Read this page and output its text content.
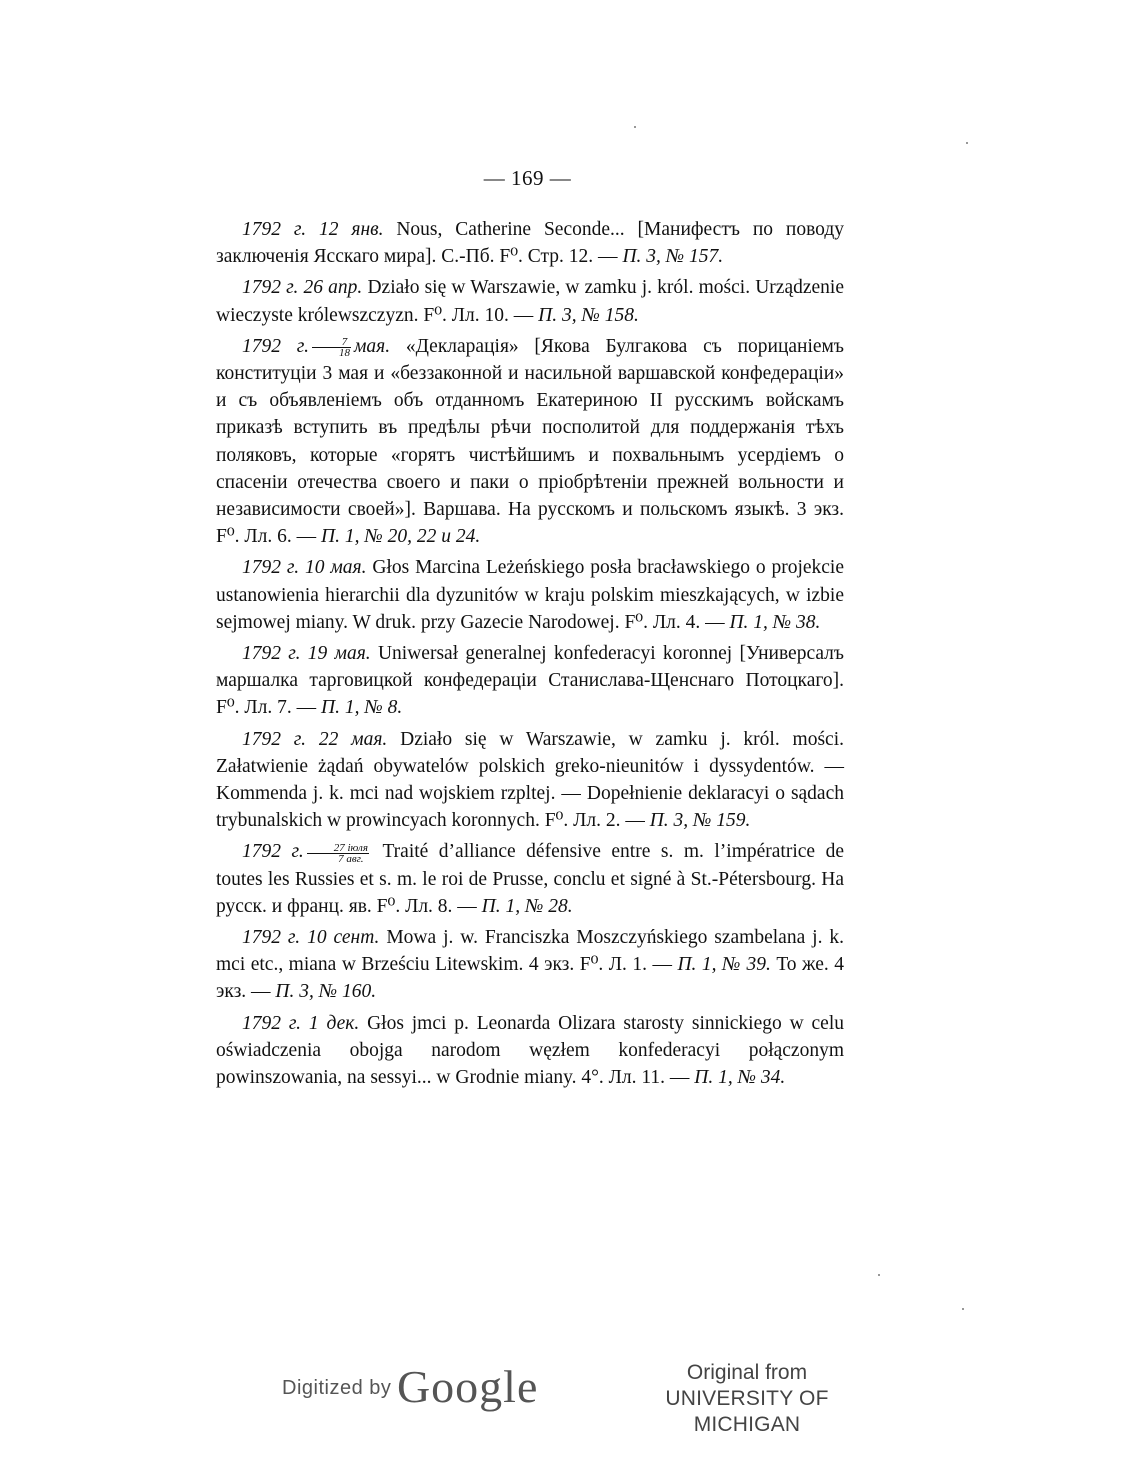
— 169 —

1792 г. 12 янв. Nous, Catherine Seconde... [Манифестъ по поводу заключенія Ясскаго мира]. С.-Пб. F⁰. Стр. 12. — П. 3, № 157.

1792 г. 26 апр. Działo się w Warszawie, w zamku j. król. mości. Urządzenie wieczyste królewszczyzn. F⁰. Лл. 10. — П. 3, № 158.

1792 г. $\frac{7}{18}$ мая. «Декларацiя» [Якова Булгакова съ порицаніемъ конституціи 3 мая и «беззаконной и насильной варшавской конфедераціи» и съ объявленіемъ объ отданномъ Екатериною II русскимъ войскамъ приказѣ вступить въ предѣлы рѣчи посполитой для поддержанія тѣхъ поляковъ, которые «горятъ чистѣйшимъ и похвальнымъ усердіемъ о спасеніи отечества своего и паки о пріобрѣтеніи прежней вольности и независимости своей»]. Варшава. На русскомъ и польскомъ языкѣ. 3 экз. F⁰. Лл. 6. — П. 1, № 20, 22 и 24.

1792 г. 10 мая. Głos Marcina Leżeńskiego posła bracławskiego o projekcie ustanowienia hierarchii dla dyzunitów w kraju polskim mieszkających, w izbie sejmowej miany. W druk. przy Gazecie Narodowej. F⁰. Лл. 4. — П. 1, № 38.

1792 г. 19 мая. Uniwersał generalnej konfederacyi koronnej [Универсалъ маршалка тарговицкой конфедераціи Станислава-Щенснаго Потоцкаго]. F⁰. Лл. 7. — П. 1, № 8.

1792 г. 22 мая. Działo się w Warszawie, w zamku j. król. mości. Załatwienie żądań obywatelów polskich greko-nieunitów i dyssydentów. — Kommenda j. k. mci nad wojskiem rzpltej. — Dopełnienie deklaracyi o sądach trybunalskich w prowincyach koronnych. F⁰. Лл. 2. — П. 3, № 159.

1792 г. $\frac{\text{27 іюля}}{\text{7 авг.}}$ Traité d’alliance défensive entre s. m. l’impératrice de toutes les Russies et s. m. le roi de Prusse, conclu et signé à St.-Pétersbourg. На русск. и франц. яв. F⁰. Лл. 8. — П. 1, № 28.

1792 г. 10 сент. Mowa j. w. Franciszka Moszczyńskiego szambelana j. k. mci etc., miana w Brześciu Litewskim. 4 экз. F⁰. Л. 1. — П. 1, № 39. То же. 4 экз. — П. 3, № 160.

1792 г. 1 дек. Głos jmci p. Leonarda Olizara starosty sinnickiego w celu oświadczenia obojga narodom węzłem konfederacyi połączonym powinszowania, na sessyi... w Grodnie miany. 4°. Лл. 11. — П. 1, № 34.

Digitized by Google	Original from
UNIVERSITY OF MICHIGAN
